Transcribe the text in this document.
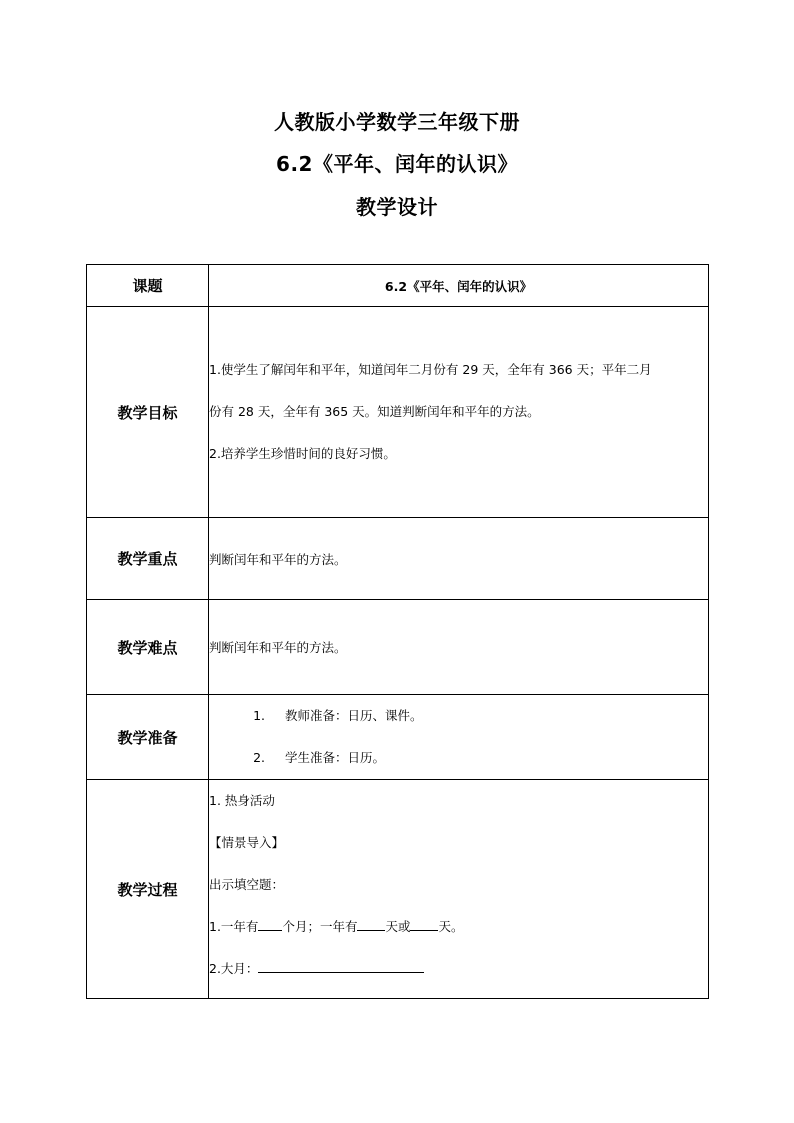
人教版小学数学三年级下册
6.2《平年、闰年的认识》
教学设计
课题	6.2《平年、闰年的认识》
教学目标	1.使学生了解闰年和平年，知道闰年二月份有 29 天，全年有 366 天；平年二月
份有 28 天，全年有 365 天。知道判断闰年和平年的方法。
2.培养学生珍惜时间的良好习惯。

教学重点	判断闰年和平年的方法。
教学难点	判断闰年和平年的方法。
教学准备	1. 教师准备：日历、课件。
2. 学生准备：日历。

教学过程	1. 热身活动
【情景导入】
出示填空题：
1.一年有 个月；一年有 天或 天。
2.大月：
